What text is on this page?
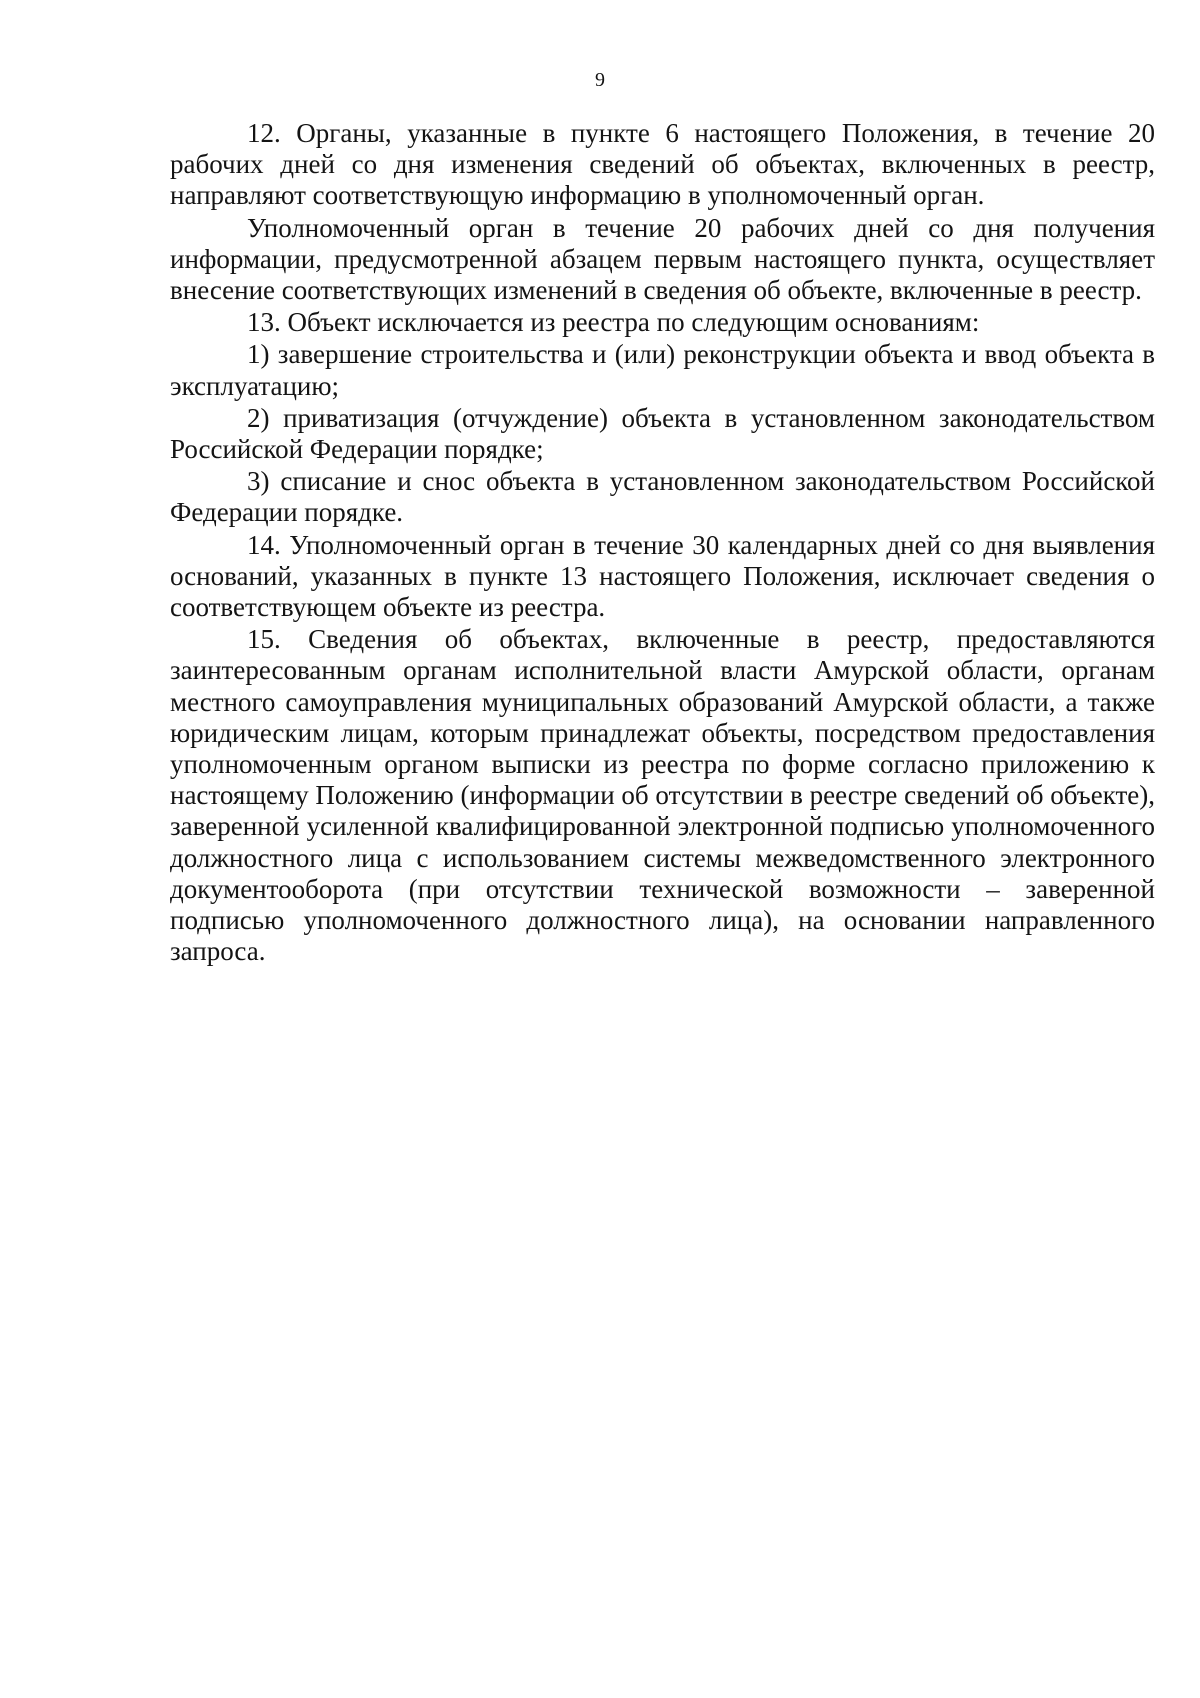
9

12. Органы, указанные в пункте 6 настоящего Положения, в течение 20 рабочих дней со дня изменения сведений об объектах, включенных в реестр, направляют соответствующую информацию в уполномоченный орган.

Уполномоченный орган в течение 20 рабочих дней со дня получения информации, предусмотренной абзацем первым настоящего пункта, осуществляет внесение соответствующих изменений в сведения об объекте, включенные в реестр.

13. Объект исключается из реестра по следующим основаниям:

1) завершение строительства и (или) реконструкции объекта и ввод объекта в эксплуатацию;

2) приватизация (отчуждение) объекта в установленном законодательством Российской Федерации порядке;

3) списание и снос объекта в установленном законодательством Российской Федерации порядке.

14. Уполномоченный орган в течение 30 календарных дней со дня выявления оснований, указанных в пункте 13 настоящего Положения, исключает сведения о соответствующем объекте из реестра.

15. Сведения об объектах, включенные в реестр, предоставляются заинтересованным органам исполнительной власти Амурской области, органам местного самоуправления муниципальных образований Амурской области, а также юридическим лицам, которым принадлежат объекты, посредством предоставления уполномоченным органом выписки из реестра по форме согласно приложению к настоящему Положению (информации об отсутствии в реестре сведений об объекте), заверенной усиленной квалифицированной электронной подписью уполномоченного должностного лица с использованием системы межведомственного электронного документооборота (при отсутствии технической возможности – заверенной подписью уполномоченного должностного лица), на основании направленного запроса.
